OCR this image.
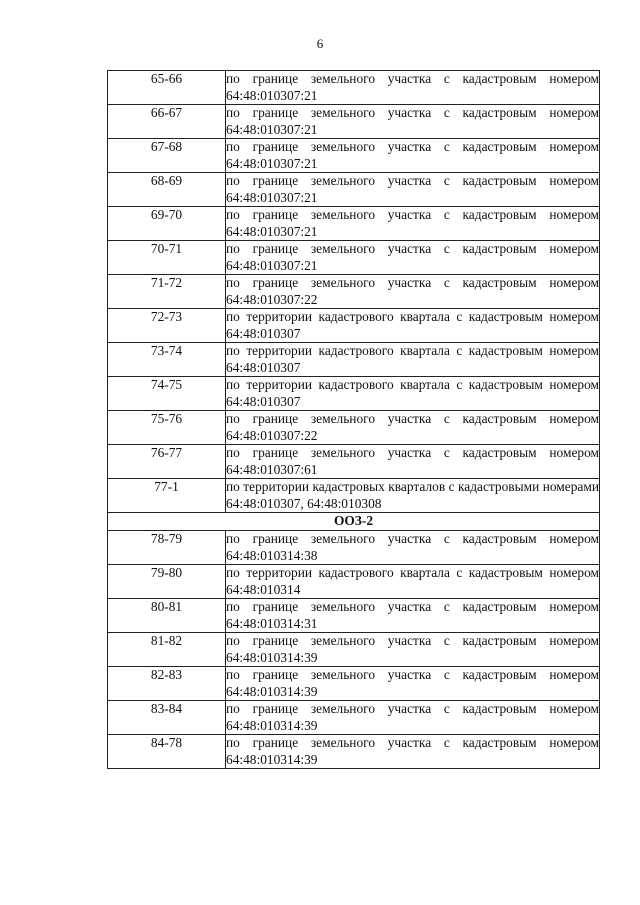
6
65-66	по границе земельного участка с кадастровым номером 64:48:010307:21
66-67	по границе земельного участка с кадастровым номером 64:48:010307:21
67-68	по границе земельного участка с кадастровым номером 64:48:010307:21
68-69	по границе земельного участка с кадастровым номером 64:48:010307:21
69-70	по границе земельного участка с кадастровым номером 64:48:010307:21
70-71	по границе земельного участка с кадастровым номером 64:48:010307:21
71-72	по границе земельного участка с кадастровым номером 64:48:010307:22
72-73	по территории кадастрового квартала с кадастровым номером 64:48:010307
73-74	по территории кадастрового квартала с кадастровым номером 64:48:010307
74-75	по территории кадастрового квартала с кадастровым номером 64:48:010307
75-76	по границе земельного участка с кадастровым номером 64:48:010307:22
76-77	по границе земельного участка с кадастровым номером 64:48:010307:61
77-1	по территории кадастровых кварталов с кадастровыми номерами 64:48:010307, 64:48:010308
ООЗ-2	
78-79	по границе земельного участка с кадастровым номером 64:48:010314:38
79-80	по территории кадастрового квартала с кадастровым номером 64:48:010314
80-81	по границе земельного участка с кадастровым номером 64:48:010314:31
81-82	по границе земельного участка с кадастровым номером 64:48:010314:39
82-83	по границе земельного участка с кадастровым номером 64:48:010314:39
83-84	по границе земельного участка с кадастровым номером 64:48:010314:39
84-78	по границе земельного участка с кадастровым номером 64:48:010314:39
